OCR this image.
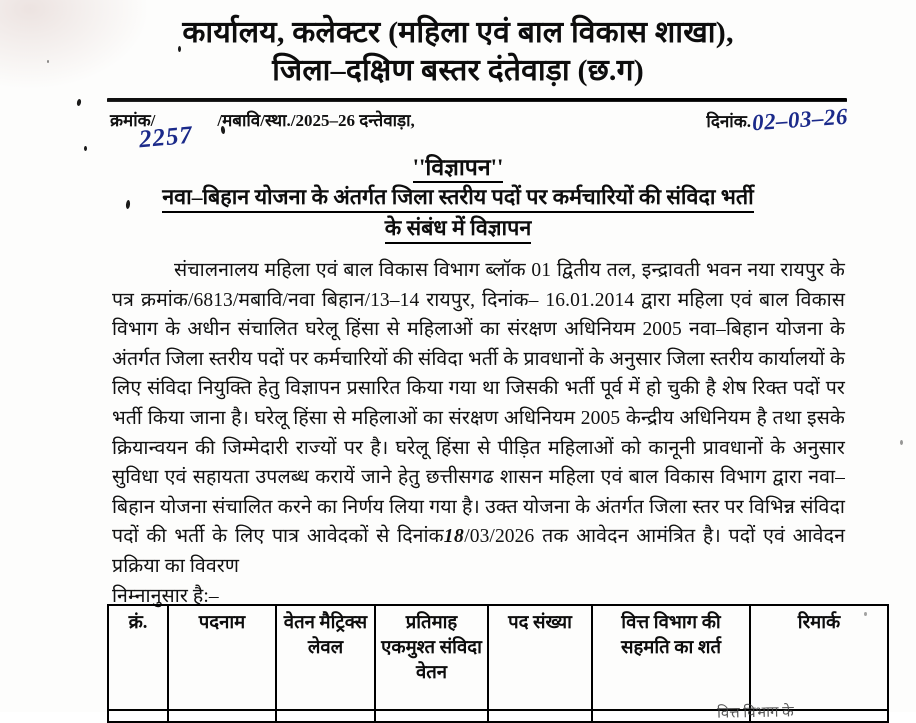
कार्यालय, कलेक्टर (महिला एवं बाल विकास शाखा),
जिला–दक्षिण बस्तर दंतेवाड़ा (छ.ग)
क्रमांक/	/मबावि/स्था./2025–26 दन्तेवाड़ा,
2257
दिनांक.02–03–26
''विज्ञापन''
नवा–बिहान योजना के अंतर्गत जिला स्तरीय पदों पर कर्मचारियों की संविदा भर्ती
के संबंध में विज्ञापन
संचालनालय महिला एवं बाल विकास विभाग ब्लॉक 01 द्वितीय तल, इन्द्रावती भवन नया रायपुर के पत्र क्रमांक/6813/मबावि/नवा बिहान/13–14 रायपुर, दिनांक– 16.01.2014 द्वारा महिला एवं बाल विकास विभाग के अधीन संचालित घरेलू हिंसा से महिलाओं का संरक्षण अधिनियम 2005 नवा–बिहान योजना के अंतर्गत जिला स्तरीय पदों पर कर्मचारियों की संविदा भर्ती के प्रावधानों के अनुसार जिला स्तरीय कार्यालयों के लिए संविदा नियुक्ति हेतु विज्ञापन प्रसारित किया गया था जिसकी भर्ती पूर्व में हो चुकी है शेष रिक्त पदों पर भर्ती किया जाना है। घरेलू हिंसा से महिलाओं का संरक्षण अधिनियम 2005 केन्द्रीय अधिनियम है तथा इसके क्रियान्वयन की जिम्मेदारी राज्यों पर है। घरेलू हिंसा से पीड़ित महिलाओं को कानूनी प्रावधानों के अनुसार सुविधा एवं सहायता उपलब्ध करायें जाने हेतु छत्तीसगढ शासन महिला एवं बाल विकास विभाग द्वारा नवा–बिहान योजना संचालित करने का निर्णय लिया गया है। उक्त योजना के अंतर्गत जिला स्तर पर विभिन्न संविदा पदों की भर्ती के लिए पात्र आवेदकों से दिनांक18/03/2026 तक आवेदन आमंत्रित है। पदों एवं आवेदन प्रक्रिया का विवरण
निम्नानुसार है:–
क्रं.	पदनाम	वेतन मैट्रिक्स लेवल	प्रतिमाह एकमुश्त संविदा वेतन	पद संख्या	वित्त विभाग की सहमति का शर्त	रिमार्क

वित्त विभाग के
